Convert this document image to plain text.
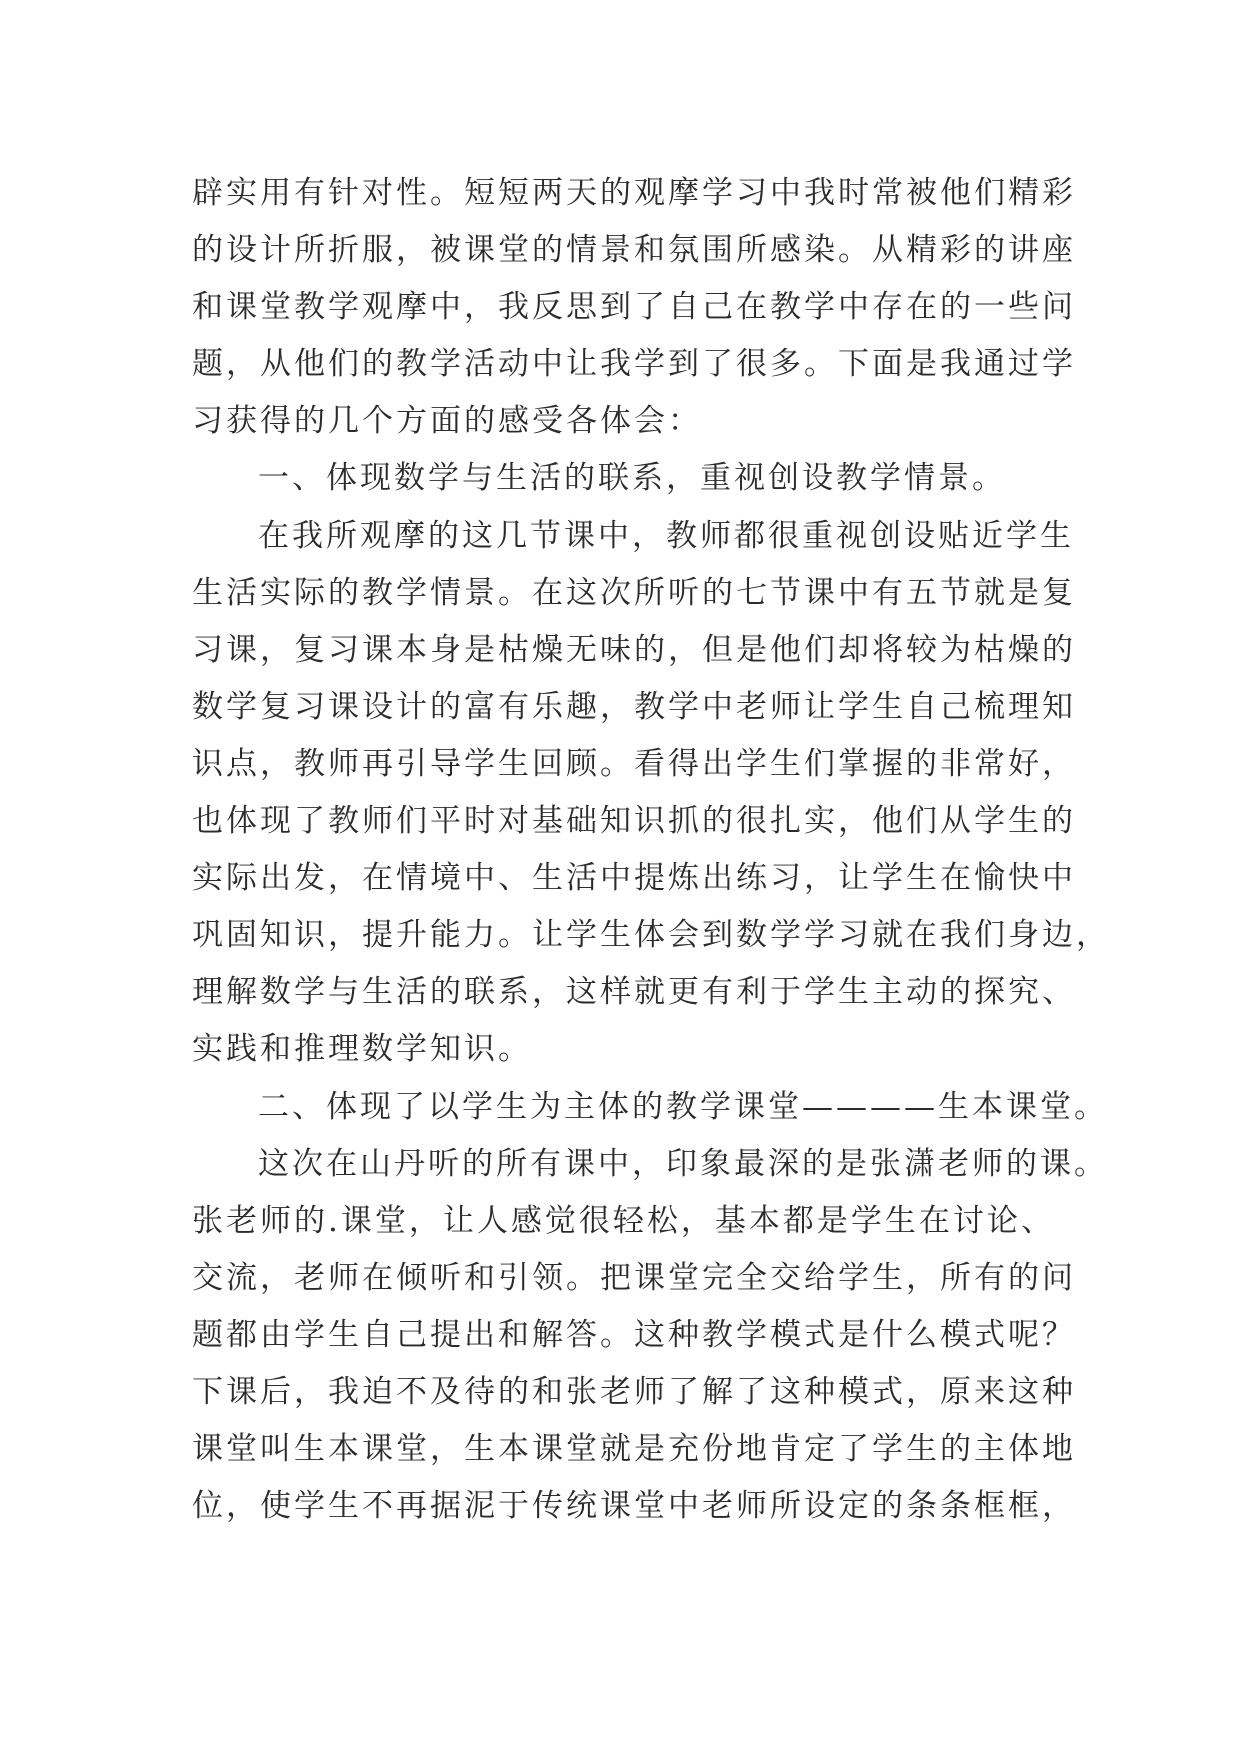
辟实用有针对性。短短两天的观摩学习中我时常被他们精彩
的设计所折服，被课堂的情景和氛围所感染。从精彩的讲座
和课堂教学观摩中，我反思到了自己在教学中存在的一些问
题，从他们的教学活动中让我学到了很多。下面是我通过学
习获得的几个方面的感受各体会：
一、体现数学与生活的联系，重视创设教学情景。
在我所观摩的这几节课中，教师都很重视创设贴近学生
生活实际的教学情景。在这次所听的七节课中有五节就是复
习课，复习课本身是枯燥无味的，但是他们却将较为枯燥的
数学复习课设计的富有乐趣，教学中老师让学生自己梳理知
识点，教师再引导学生回顾。看得出学生们掌握的非常好，
也体现了教师们平时对基础知识抓的很扎实，他们从学生的
实际出发，在情境中、生活中提炼出练习，让学生在愉快中
巩固知识，提升能力。让学生体会到数学学习就在我们身边，
理解数学与生活的联系，这样就更有利于学生主动的探究、
实践和推理数学知识。
二、体现了以学生为主体的教学课堂————生本课堂。
这次在山丹听的所有课中，印象最深的是张潇老师的课。
张老师的.课堂，让人感觉很轻松，基本都是学生在讨论、
交流，老师在倾听和引领。把课堂完全交给学生，所有的问
题都由学生自己提出和解答。这种教学模式是什么模式呢？
下课后，我迫不及待的和张老师了解了这种模式，原来这种
课堂叫生本课堂，生本课堂就是充份地肯定了学生的主体地
位，使学生不再据泥于传统课堂中老师所设定的条条框框，
